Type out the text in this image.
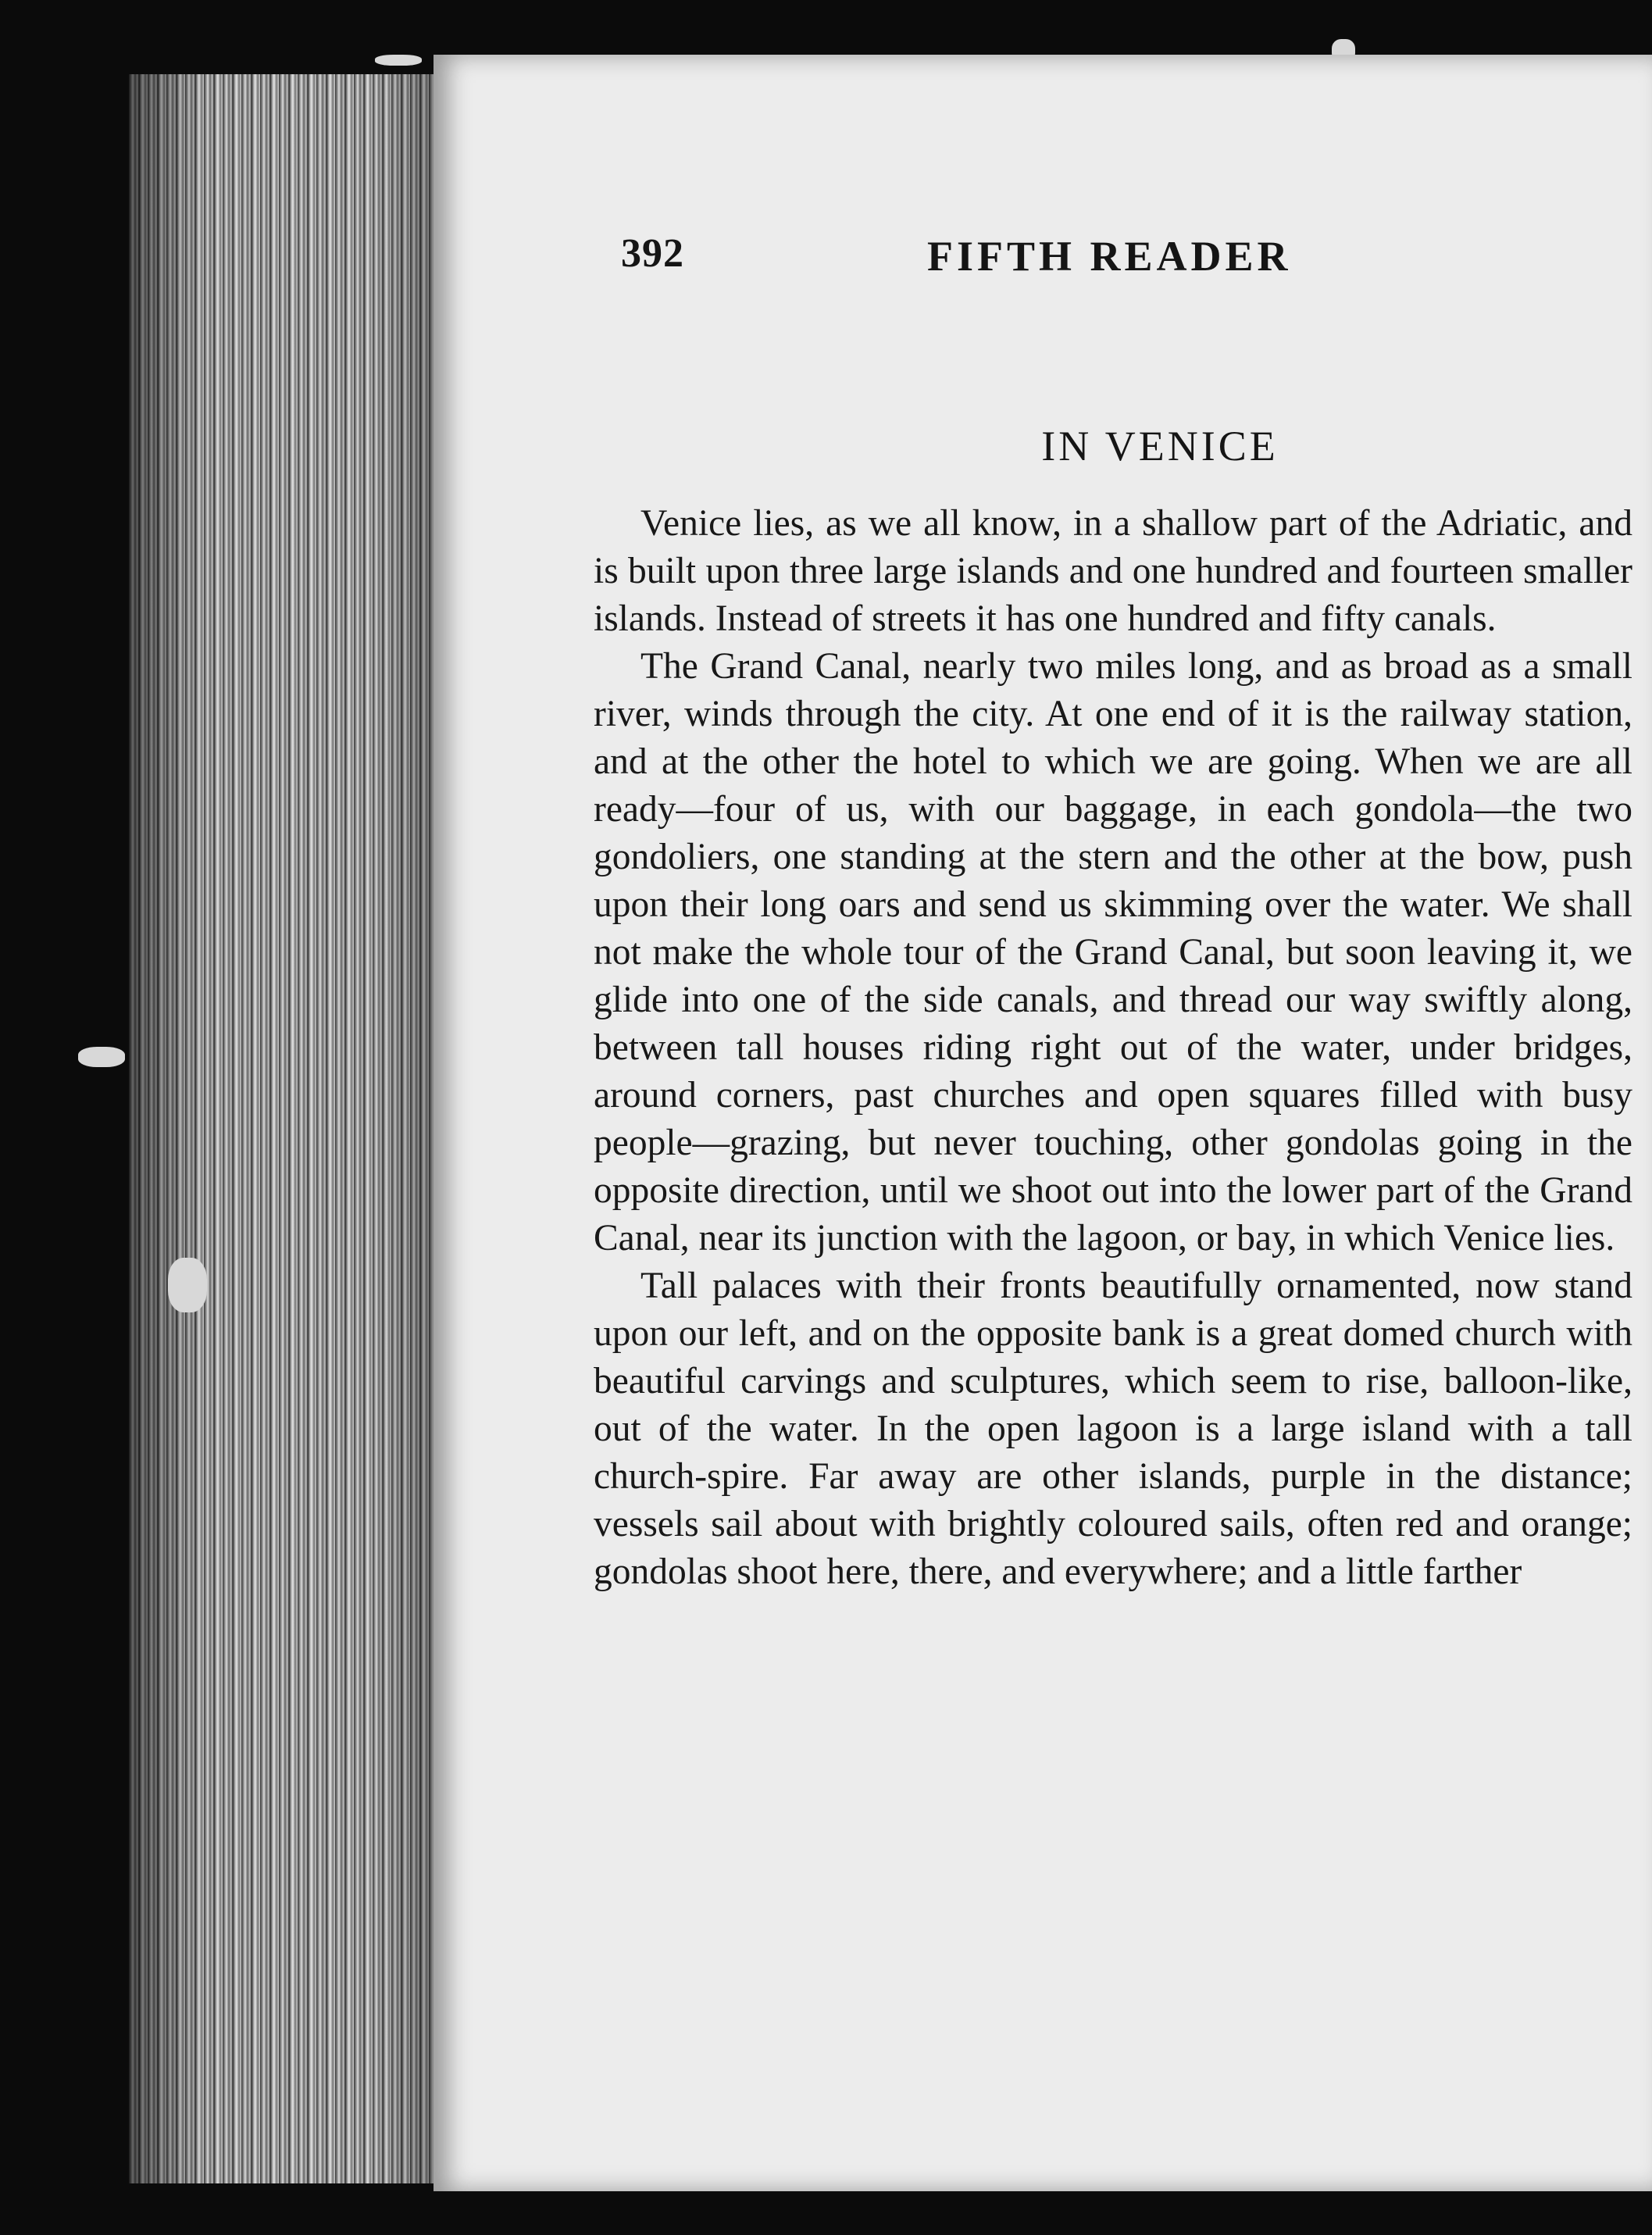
392	FIFTH READER
IN VENICE

Venice lies, as we all know, in a shallow part of the Adriatic, and is built upon three large islands and one hundred and fourteen smaller islands. Instead of streets it has one hundred and fifty canals.

The Grand Canal, nearly two miles long, and as broad as a small river, winds through the city. At one end of it is the railway station, and at the other the hotel to which we are going. When we are all ready—four of us, with our baggage, in each gondola—the two gondoliers, one standing at the stern and the other at the bow, push upon their long oars and send us skimming over the water. We shall not make the whole tour of the Grand Canal, but soon leaving it, we glide into one of the side canals, and thread our way swiftly along, between tall houses riding right out of the water, under bridges, around corners, past churches and open squares filled with busy people—grazing, but never touching, other gondolas going in the opposite direction, until we shoot out into the lower part of the Grand Canal, near its junction with the lagoon, or bay, in which Venice lies.

Tall palaces with their fronts beautifully ornamented, now stand upon our left, and on the opposite bank is a great domed church with beautiful carvings and sculptures, which seem to rise, balloon-like, out of the water. In the open lagoon is a large island with a tall church-spire. Far away are other islands, purple in the distance; vessels sail about with brightly coloured sails, often red and orange; gondolas shoot here, there, and everywhere; and a little farther
